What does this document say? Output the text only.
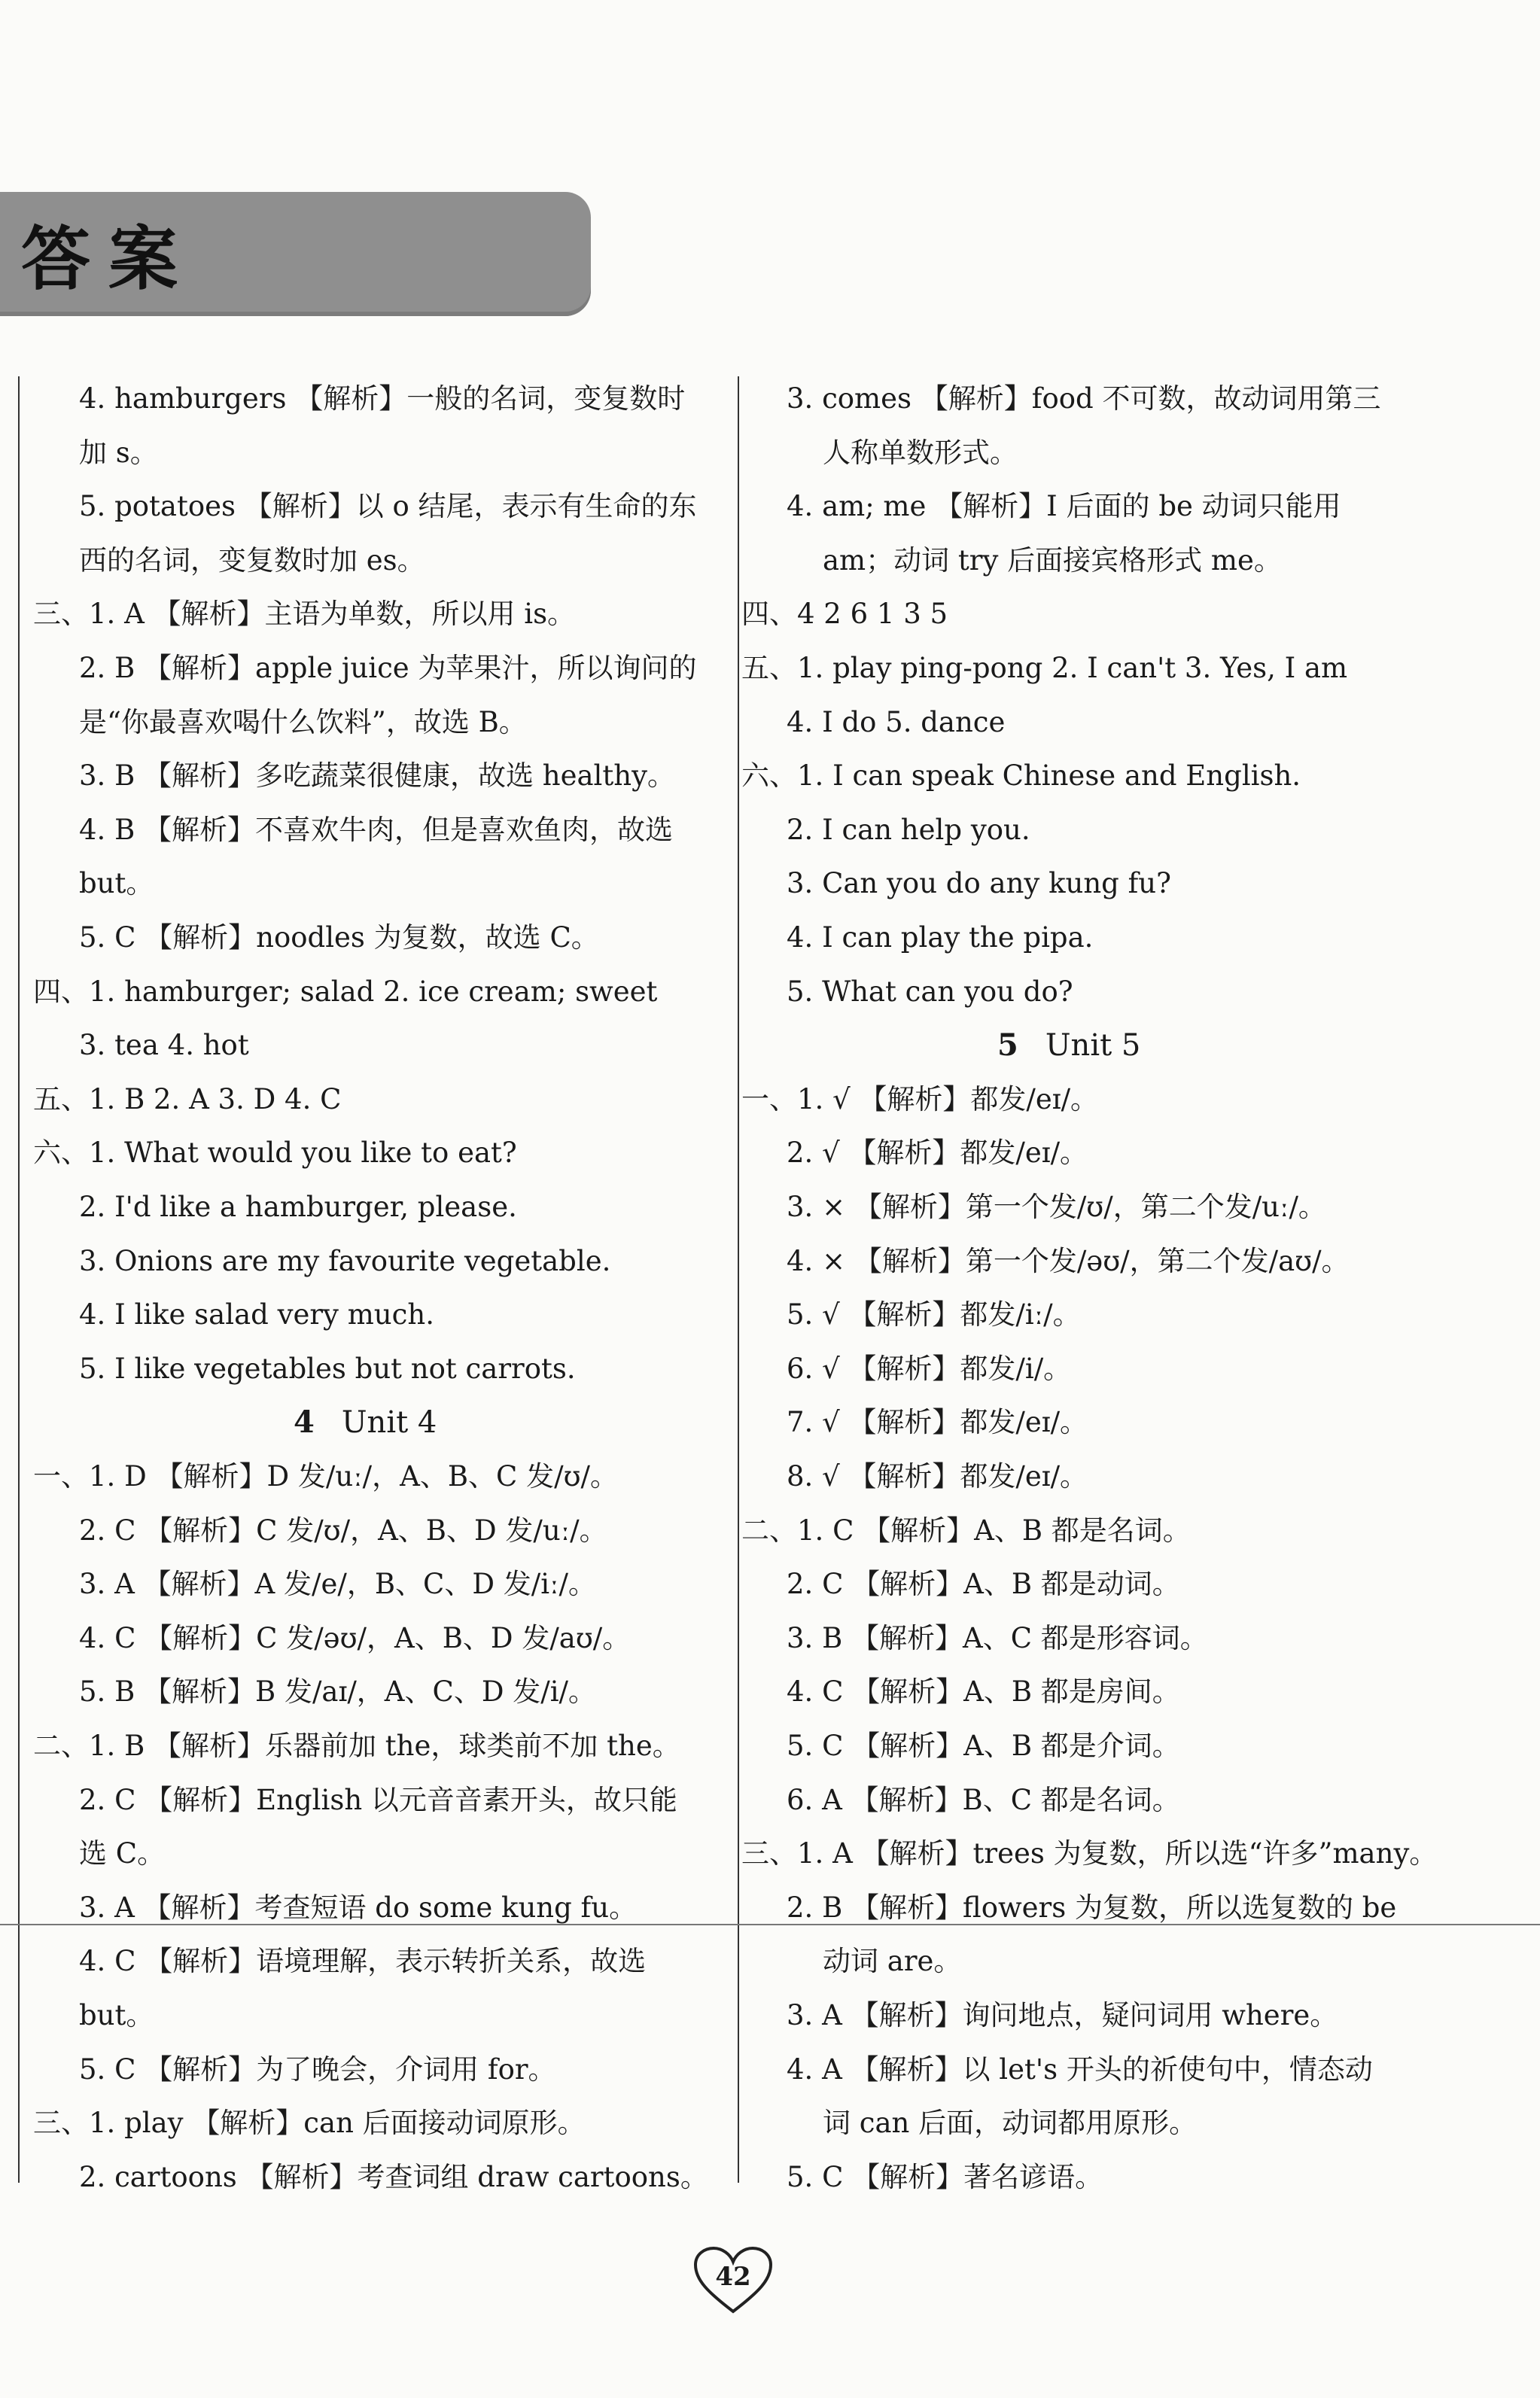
答案
4. hamburgers 【解析】一般的名词，变复数时
加 s。
5. potatoes 【解析】以 o 结尾，表示有生命的东
西的名词，变复数时加 es。
三、1. A 【解析】主语为单数，所以用 is。
2. B 【解析】apple juice 为苹果汁，所以询问的
是“你最喜欢喝什么饮料”，故选 B。
3. B 【解析】多吃蔬菜很健康，故选 healthy。
4. B 【解析】不喜欢牛肉，但是喜欢鱼肉，故选
but。
5. C 【解析】noodles 为复数，故选 C。
四、1. hamburger; salad 2. ice cream; sweet
3. tea 4. hot
五、1. B 2. A 3. D 4. C
六、1. What would you like to eat?
2. I'd like a hamburger, please.
3. Onions are my favourite vegetable.
4. I like salad very much.
5. I like vegetables but not carrots.
4 Unit 4
一、1. D 【解析】D 发/uː/，A、B、C 发/ʊ/。
2. C 【解析】C 发/ʊ/，A、B、D 发/uː/。
3. A 【解析】A 发/e/，B、C、D 发/iː/。
4. C 【解析】C 发/əʊ/，A、B、D 发/aʊ/。
5. B 【解析】B 发/aɪ/，A、C、D 发/i/。
二、1. B 【解析】乐器前加 the，球类前不加 the。
2. C 【解析】English 以元音音素开头，故只能
选 C。
3. A 【解析】考查短语 do some kung fu。
4. C 【解析】语境理解，表示转折关系，故选
but。
5. C 【解析】为了晚会，介词用 for。
三、1. play 【解析】can 后面接动词原形。
2. cartoons 【解析】考查词组 draw cartoons。
3. comes 【解析】food 不可数，故动词用第三
人称单数形式。
4. am; me 【解析】I 后面的 be 动词只能用
am；动词 try 后面接宾格形式 me。
四、4 2 6 1 3 5
五、1. play ping-pong 2. I can't 3. Yes, I am
4. I do 5. dance
六、1. I can speak Chinese and English.
2. I can help you.
3. Can you do any kung fu?
4. I can play the pipa.
5. What can you do?
5 Unit 5
一、1. √ 【解析】都发/eɪ/。
2. √ 【解析】都发/eɪ/。
3. × 【解析】第一个发/ʊ/，第二个发/uː/。
4. × 【解析】第一个发/əʊ/，第二个发/aʊ/。
5. √ 【解析】都发/iː/。
6. √ 【解析】都发/i/。
7. √ 【解析】都发/eɪ/。
8. √ 【解析】都发/eɪ/。
二、1. C 【解析】A、B 都是名词。
2. C 【解析】A、B 都是动词。
3. B 【解析】A、C 都是形容词。
4. C 【解析】A、B 都是房间。
5. C 【解析】A、B 都是介词。
6. A 【解析】B、C 都是名词。
三、1. A 【解析】trees 为复数，所以选“许多”many。
2. B 【解析】flowers 为复数，所以选复数的 be
动词 are。
3. A 【解析】询问地点，疑问词用 where。
4. A 【解析】以 let's 开头的祈使句中，情态动
词 can 后面，动词都用原形。
5. C 【解析】著名谚语。
42
